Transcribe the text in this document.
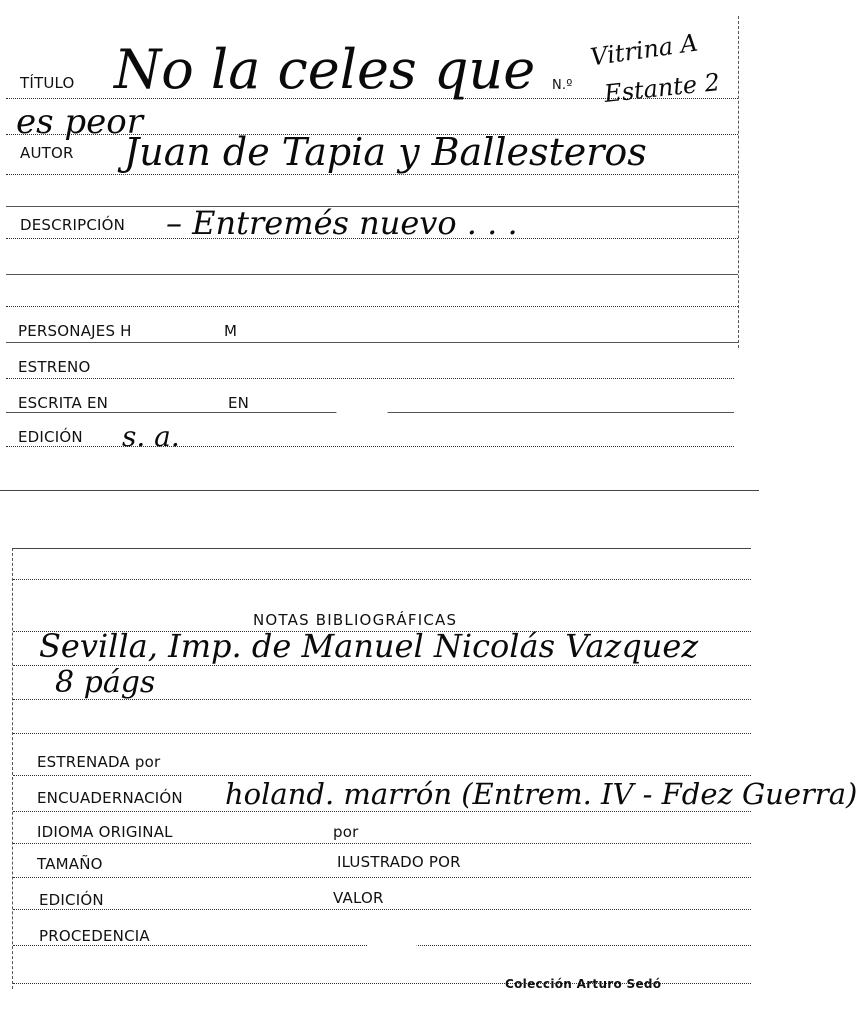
TÍTULO No la celes que N.º
Vitrina A
Estante 2
es peor
AUTOR Juan de Tapia y Ballesteros
DESCRIPCIÓN – Entremés nuevo . . .
PERSONAJES H	M
ESTRENO
ESCRITA EN	EN
EDICIÓN s. a.
NOTAS BIBLIOGRÁFICAS
Sevilla, Imp. de Manuel Nicolás Vazquez
8 págs
ESTRENADA por
ENCUADERNACIÓN holand. marrón (Entrem. IV - Fdez Guerra)
IDIOMA ORIGINAL	por
TAMAÑO	ILUSTRADO POR
EDICIÓN	VALOR
PROCEDENCIA
Colección Arturo Sedó
